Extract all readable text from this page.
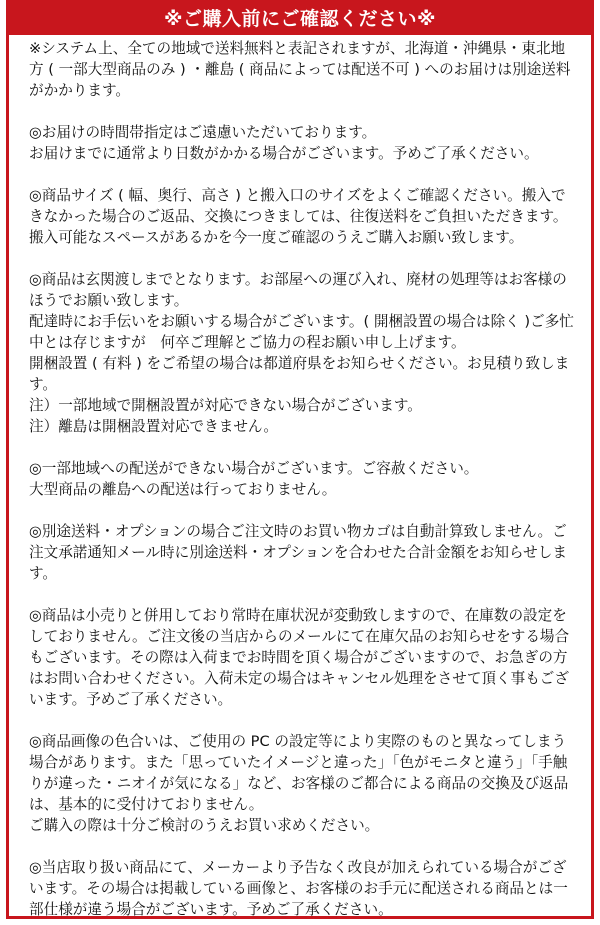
※ご購入前にご確認ください※

※システム上、全ての地域で送料無料と表記されますが、北海道・沖縄県・東北地方 ( 一部大型商品のみ ) ・離島 ( 商品によっては配送不可 ) へのお届けは別途送料がかかります。

◎お届けの時間帯指定はご遠慮いただいております。

お届けまでに通常より日数がかかる場合がございます。予めご了承ください。

◎商品サイズ ( 幅、奥行、高さ ) と搬入口のサイズをよくご確認ください。搬入できなかった場合のご返品、交換につきましては、往復送料をご負担いただきます。搬入可能なスペースがあるかを今一度ご確認のうえご購入お願い致します。

◎商品は玄関渡しまでとなります。お部屋への運び入れ、廃材の処理等はお客様のほうでお願い致します。

配達時にお手伝いをお願いする場合がございます。( 開梱設置の場合は除く )ご多忙中とは存じますが　何卒ご理解とご協力の程お願い申し上げます。

開梱設置 ( 有料 ) をご希望の場合は都道府県をお知らせください。お見積り致します。

注）一部地域で開梱設置が対応できない場合がございます。

注）離島は開梱設置対応できません。

◎一部地域への配送ができない場合がございます。ご容赦ください。

大型商品の離島への配送は行っておりません。

◎別途送料・オプションの場合ご注文時のお買い物カゴは自動計算致しません。ご注文承諾通知メール時に別途送料・オプションを合わせた合計金額をお知らせします。

◎商品は小売りと併用しており常時在庫状況が変動致しますので、在庫数の設定をしておりません。ご注文後の当店からのメールにて在庫欠品のお知らせをする場合もございます。その際は入荷までお時間を頂く場合がございますので、お急ぎの方はお問い合わせください。入荷未定の場合はキャンセル処理をさせて頂く事もございます。予めご了承ください。

◎商品画像の色合いは、ご使用の PC の設定等により実際のものと異なってしまう場合があります。また「思っていたイメージと違った」「色がモニタと違う」「手触りが違った・ニオイが気になる」など、お客様のご都合による商品の交換及び返品は、基本的に受付けておりません。

ご購入の際は十分ご検討のうえお買い求めください。

◎当店取り扱い商品にて、メーカーより予告なく改良が加えられている場合がございます。その場合は掲載している画像と、お客様のお手元に配送される商品とは一部仕様が違う場合がございます。予めご了承ください。
